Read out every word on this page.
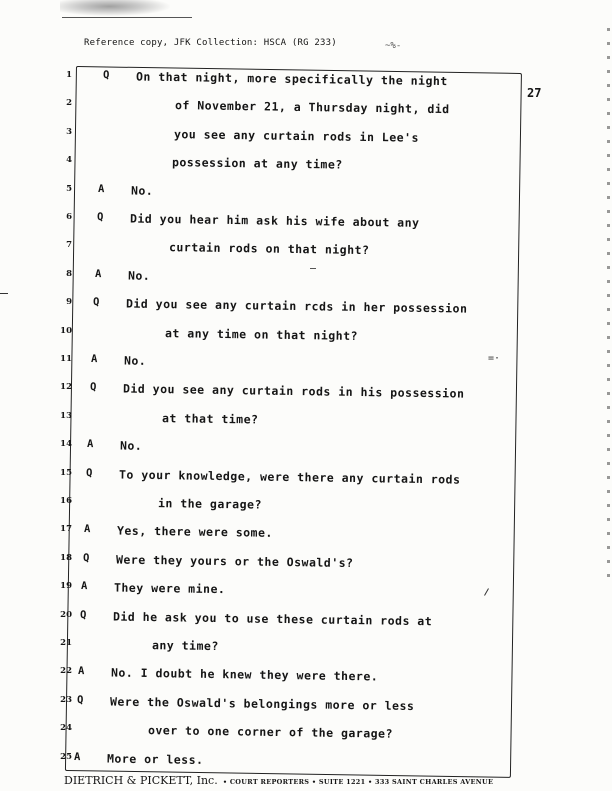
Reference copy, JFK Collection: HSCA (RG 233)	~%-
27
1	Q On that night, more specifically the night
2	of November 21, a Thursday night, did
3	you see any curtain rods in Lee's
4	possession at any time?
5 A No.
6 Q Did you hear him ask his wife about any
7	curtain rods on that night?
8 A No.
9 Q Did you see any curtain rcds in her possession
10	at any time on that night?
11 A No.
12 Q Did you see any curtain rods in his possession
13	at that time?
14 A No.
15 Q To your knowledge, were there any curtain rods
16	in the garage?
17 A Yes, there were some.
18 Q Were they yours or the Oswald's?
19 A They were mine.
20 Q Did he ask you to use these curtain rods at
21	any time?
22 A No. I doubt he knew they were there.
23 Q Were the Oswald's belongings more or less
24	over to one corner of the garage?
25 A More or less.
=·
DIETRICH & PICKETT, Inc. • COURT REPORTERS • SUITE 1221 • 333 SAINT CHARLES AVENUE
